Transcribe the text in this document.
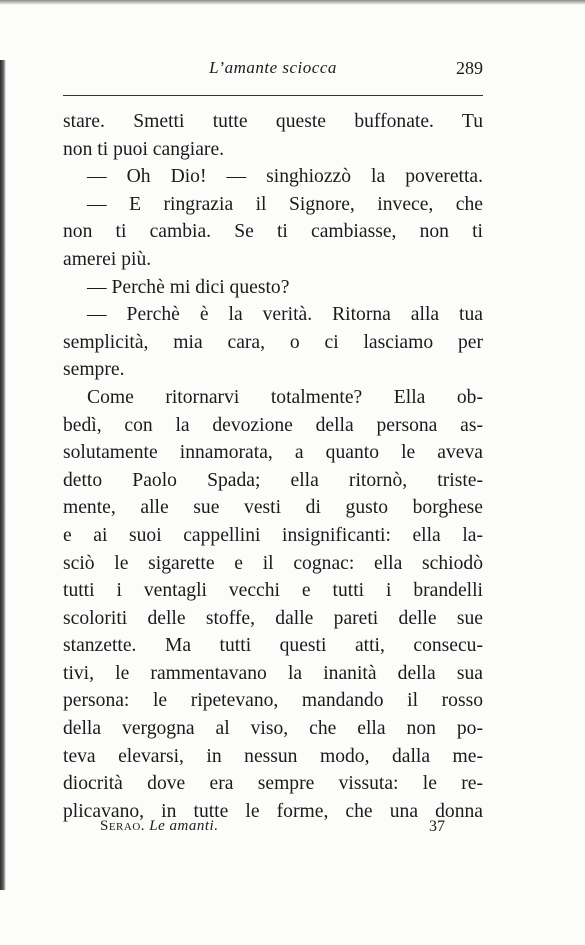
L’amante sciocca	289
stare. Smetti tutte queste buffonate. Tu
non ti puoi cangiare.
— Oh Dio! — singhiozzò la poveretta.
— E ringrazia il Signore, invece, che
non ti cambia. Se ti cambiasse, non ti
amerei più.
— Perchè mi dici questo?
— Perchè è la verità. Ritorna alla tua
semplicità, mia cara, o ci lasciamo per
sempre.
Come ritornarvi totalmente? Ella ob-
bedì, con la devozione della persona as-
solutamente innamorata, a quanto le aveva
detto Paolo Spada; ella ritornò, triste-
mente, alle sue vesti di gusto borghese
e ai suoi cappellini insignificanti: ella la-
sciò le sigarette e il cognac: ella schiodò
tutti i ventagli vecchi e tutti i brandelli
scoloriti delle stoffe, dalle pareti delle sue
stanzette. Ma tutti questi atti, consecu-
tivi, le rammentavano la inanità della sua
persona: le ripetevano, mandando il rosso
della vergogna al viso, che ella non po-
teva elevarsi, in nessun modo, dalla me-
diocrità dove era sempre vissuta: le re-
plicavano, in tutte le forme, che una donna
Serao. Le amanti.	37
